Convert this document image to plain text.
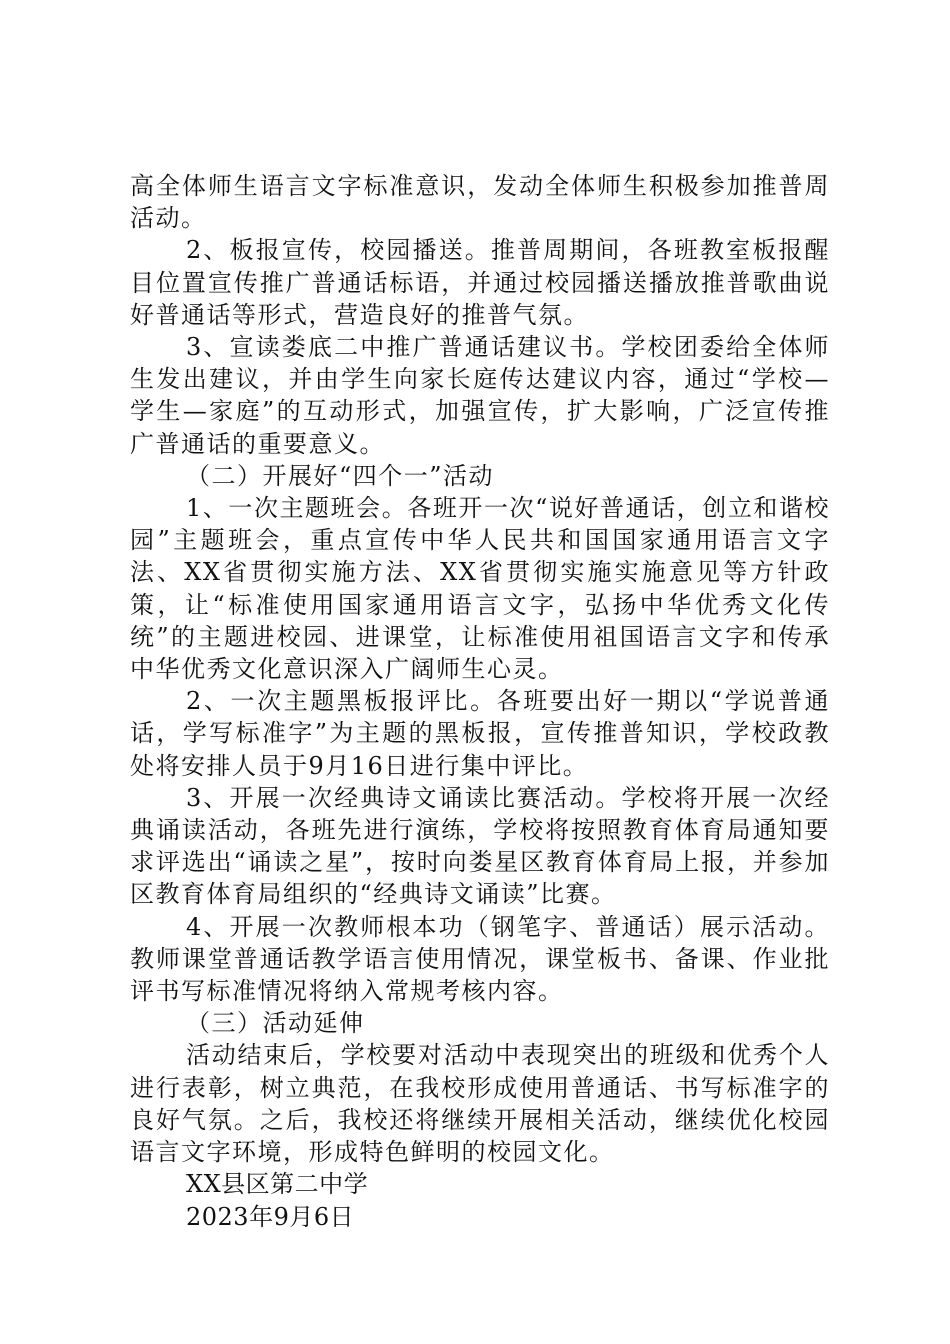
高全体师生语言文字标准意识，发动全体师生积极参加推普周活动。

2、板报宣传，校园播送。推普周期间，各班教室板报醒目位置宣传推广普通话标语，并通过校园播送播放推普歌曲说好普通话等形式，营造良好的推普气氛。

3、宣读娄底二中推广普通话建议书。学校团委给全体师生发出建议，并由学生向家长庭传达建议内容，通过“学校—学生—家庭”的互动形式，加强宣传，扩大影响，广泛宣传推广普通话的重要意义。

（二）开展好“四个一”活动

1、一次主题班会。各班开一次“说好普通话，创立和谐校园”主题班会，重点宣传中华人民共和国国家通用语言文字法、XX省贯彻实施方法、XX省贯彻实施实施意见等方针政策，让“标准使用国家通用语言文字，弘扬中华优秀文化传统”的主题进校园、进课堂，让标准使用祖国语言文字和传承中华优秀文化意识深入广阔师生心灵。

2、一次主题黑板报评比。各班要出好一期以“学说普通话，学写标准字”为主题的黑板报，宣传推普知识，学校政教处将安排人员于9月16日进行集中评比。

3、开展一次经典诗文诵读比赛活动。学校将开展一次经典诵读活动，各班先进行演练，学校将按照教育体育局通知要求评选出“诵读之星”，按时向娄星区教育体育局上报，并参加区教育体育局组织的“经典诗文诵读”比赛。

4、开展一次教师根本功（钢笔字、普通话）展示活动。教师课堂普通话教学语言使用情况，课堂板书、备课、作业批评书写标准情况将纳入常规考核内容。

（三）活动延伸

活动结束后，学校要对活动中表现突出的班级和优秀个人进行表彰，树立典范，在我校形成使用普通话、书写标准字的良好气氛。之后，我校还将继续开展相关活动，继续优化校园语言文字环境，形成特色鲜明的校园文化。

XX县区第二中学

2023年9月6日
